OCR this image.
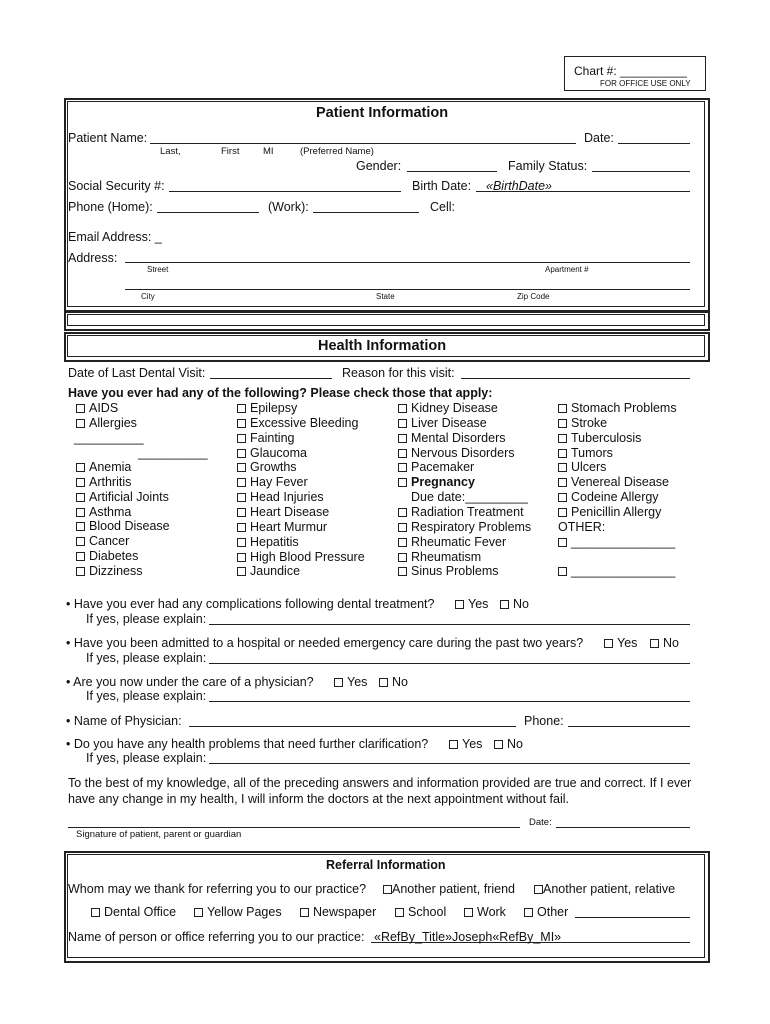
Chart #: __________
FOR OFFICE USE ONLY
Patient Information
Patient Name:	Date:
Last,	First MI	(Preferred Name)
Gender:	Family Status:
Social Security #:	Birth Date: «BirthDate»
Phone (Home):	(Work):	Cell:
Email Address: _
Address:
Street	Apartment #
City	State	Zip Code
Health Information
Date of Last Dental Visit:	Reason for this visit:
Have you ever had any of the following? Please check those that apply:
AIDS
Allergies
__________
__________
Anemia
Arthritis
Artificial Joints
Asthma
Blood Disease
Cancer
Diabetes
Dizziness
Epilepsy
Excessive Bleeding
Fainting
Glaucoma
Growths
Hay Fever
Head Injuries
Heart Disease
Heart Murmur
Hepatitis
High Blood Pressure
Jaundice
Kidney Disease
Liver Disease
Mental Disorders
Nervous Disorders
Pacemaker
Pregnancy
Due date:_________
Radiation Treatment
Respiratory Problems
Rheumatic Fever
Rheumatism
Sinus Problems
Stomach Problems
Stroke
Tuberculosis
Tumors
Ulcers
Venereal Disease
Codeine Allergy
Penicillin Allergy
OTHER:
_______________
_______________
• Have you ever had any complications following dental treatment?	Yes	No
If yes, please explain:
• Have you been admitted to a hospital or needed emergency care during the past two years?	Yes	No
If yes, please explain:
• Are you now under the care of a physician?	Yes	No
If yes, please explain:
• Name of Physician:	Phone:
• Do you have any health problems that need further clarification?	Yes	No
If yes, please explain:
To the best of my knowledge, all of the preceding answers and information provided are true and correct. If I ever have any change in my health, I will inform the doctors at the next appointment without fail.
Date:
Signature of patient, parent or guardian
Referral Information
Whom may we thank for referring you to our practice?	Another patient, friend	Another patient, relative
Dental Office	Yellow Pages	Newspaper	School	Work	Other
Name of person or office referring you to our practice: «RefBy_Title»Joseph«RefBy_MI»
